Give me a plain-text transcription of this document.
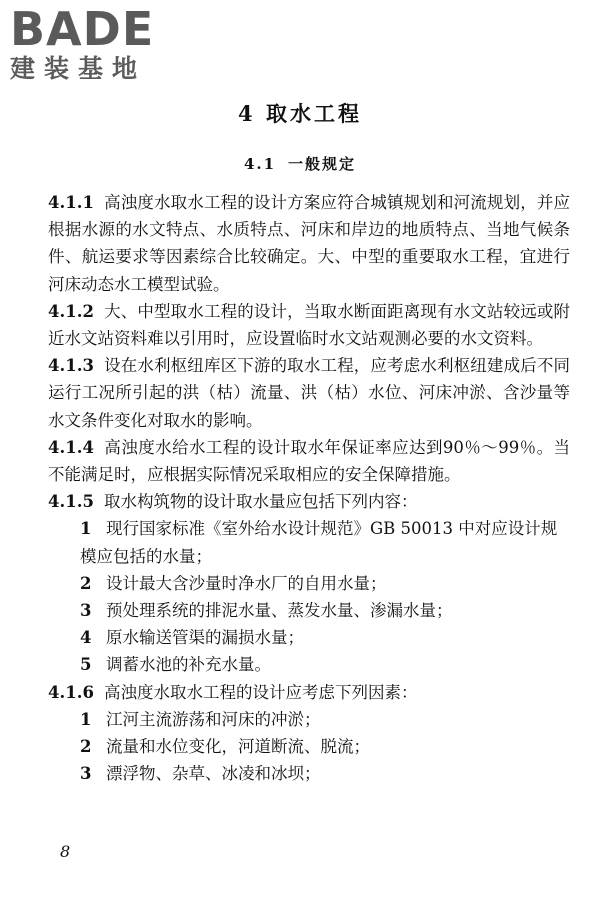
BADE
建装基地
4 取水工程
4.1 一般规定

4.1.1 高浊度水取水工程的设计方案应符合城镇规划和河流规划，并应根据水源的水文特点、水质特点、河床和岸边的地质特点、当地气候条件、航运要求等因素综合比较确定。大、中型的重要取水工程，宜进行河床动态水工模型试验。

4.1.2 大、中型取水工程的设计，当取水断面距离现有水文站较远或附近水文站资料难以引用时，应设置临时水文站观测必要的水文资料。

4.1.3 设在水利枢纽库区下游的取水工程，应考虑水利枢纽建成后不同运行工况所引起的洪（枯）流量、洪（枯）水位、河床冲淤、含沙量等水文条件变化对取水的影响。

4.1.4 高浊度水给水工程的设计取水年保证率应达到90％～99％。当不能满足时，应根据实际情况采取相应的安全保障措施。

4.1.5 取水构筑物的设计取水量应包括下列内容：

1 现行国家标准《室外给水设计规范》GB 50013 中对应设计规模应包括的水量；

2 设计最大含沙量时净水厂的自用水量；

3 预处理系统的排泥水量、蒸发水量、渗漏水量；

4 原水输送管渠的漏损水量；

5 调蓄水池的补充水量。

4.1.6 高浊度水取水工程的设计应考虑下列因素：

1 江河主流游荡和河床的冲淤；

2 流量和水位变化，河道断流、脱流；

3 漂浮物、杂草、冰凌和冰坝；

8
